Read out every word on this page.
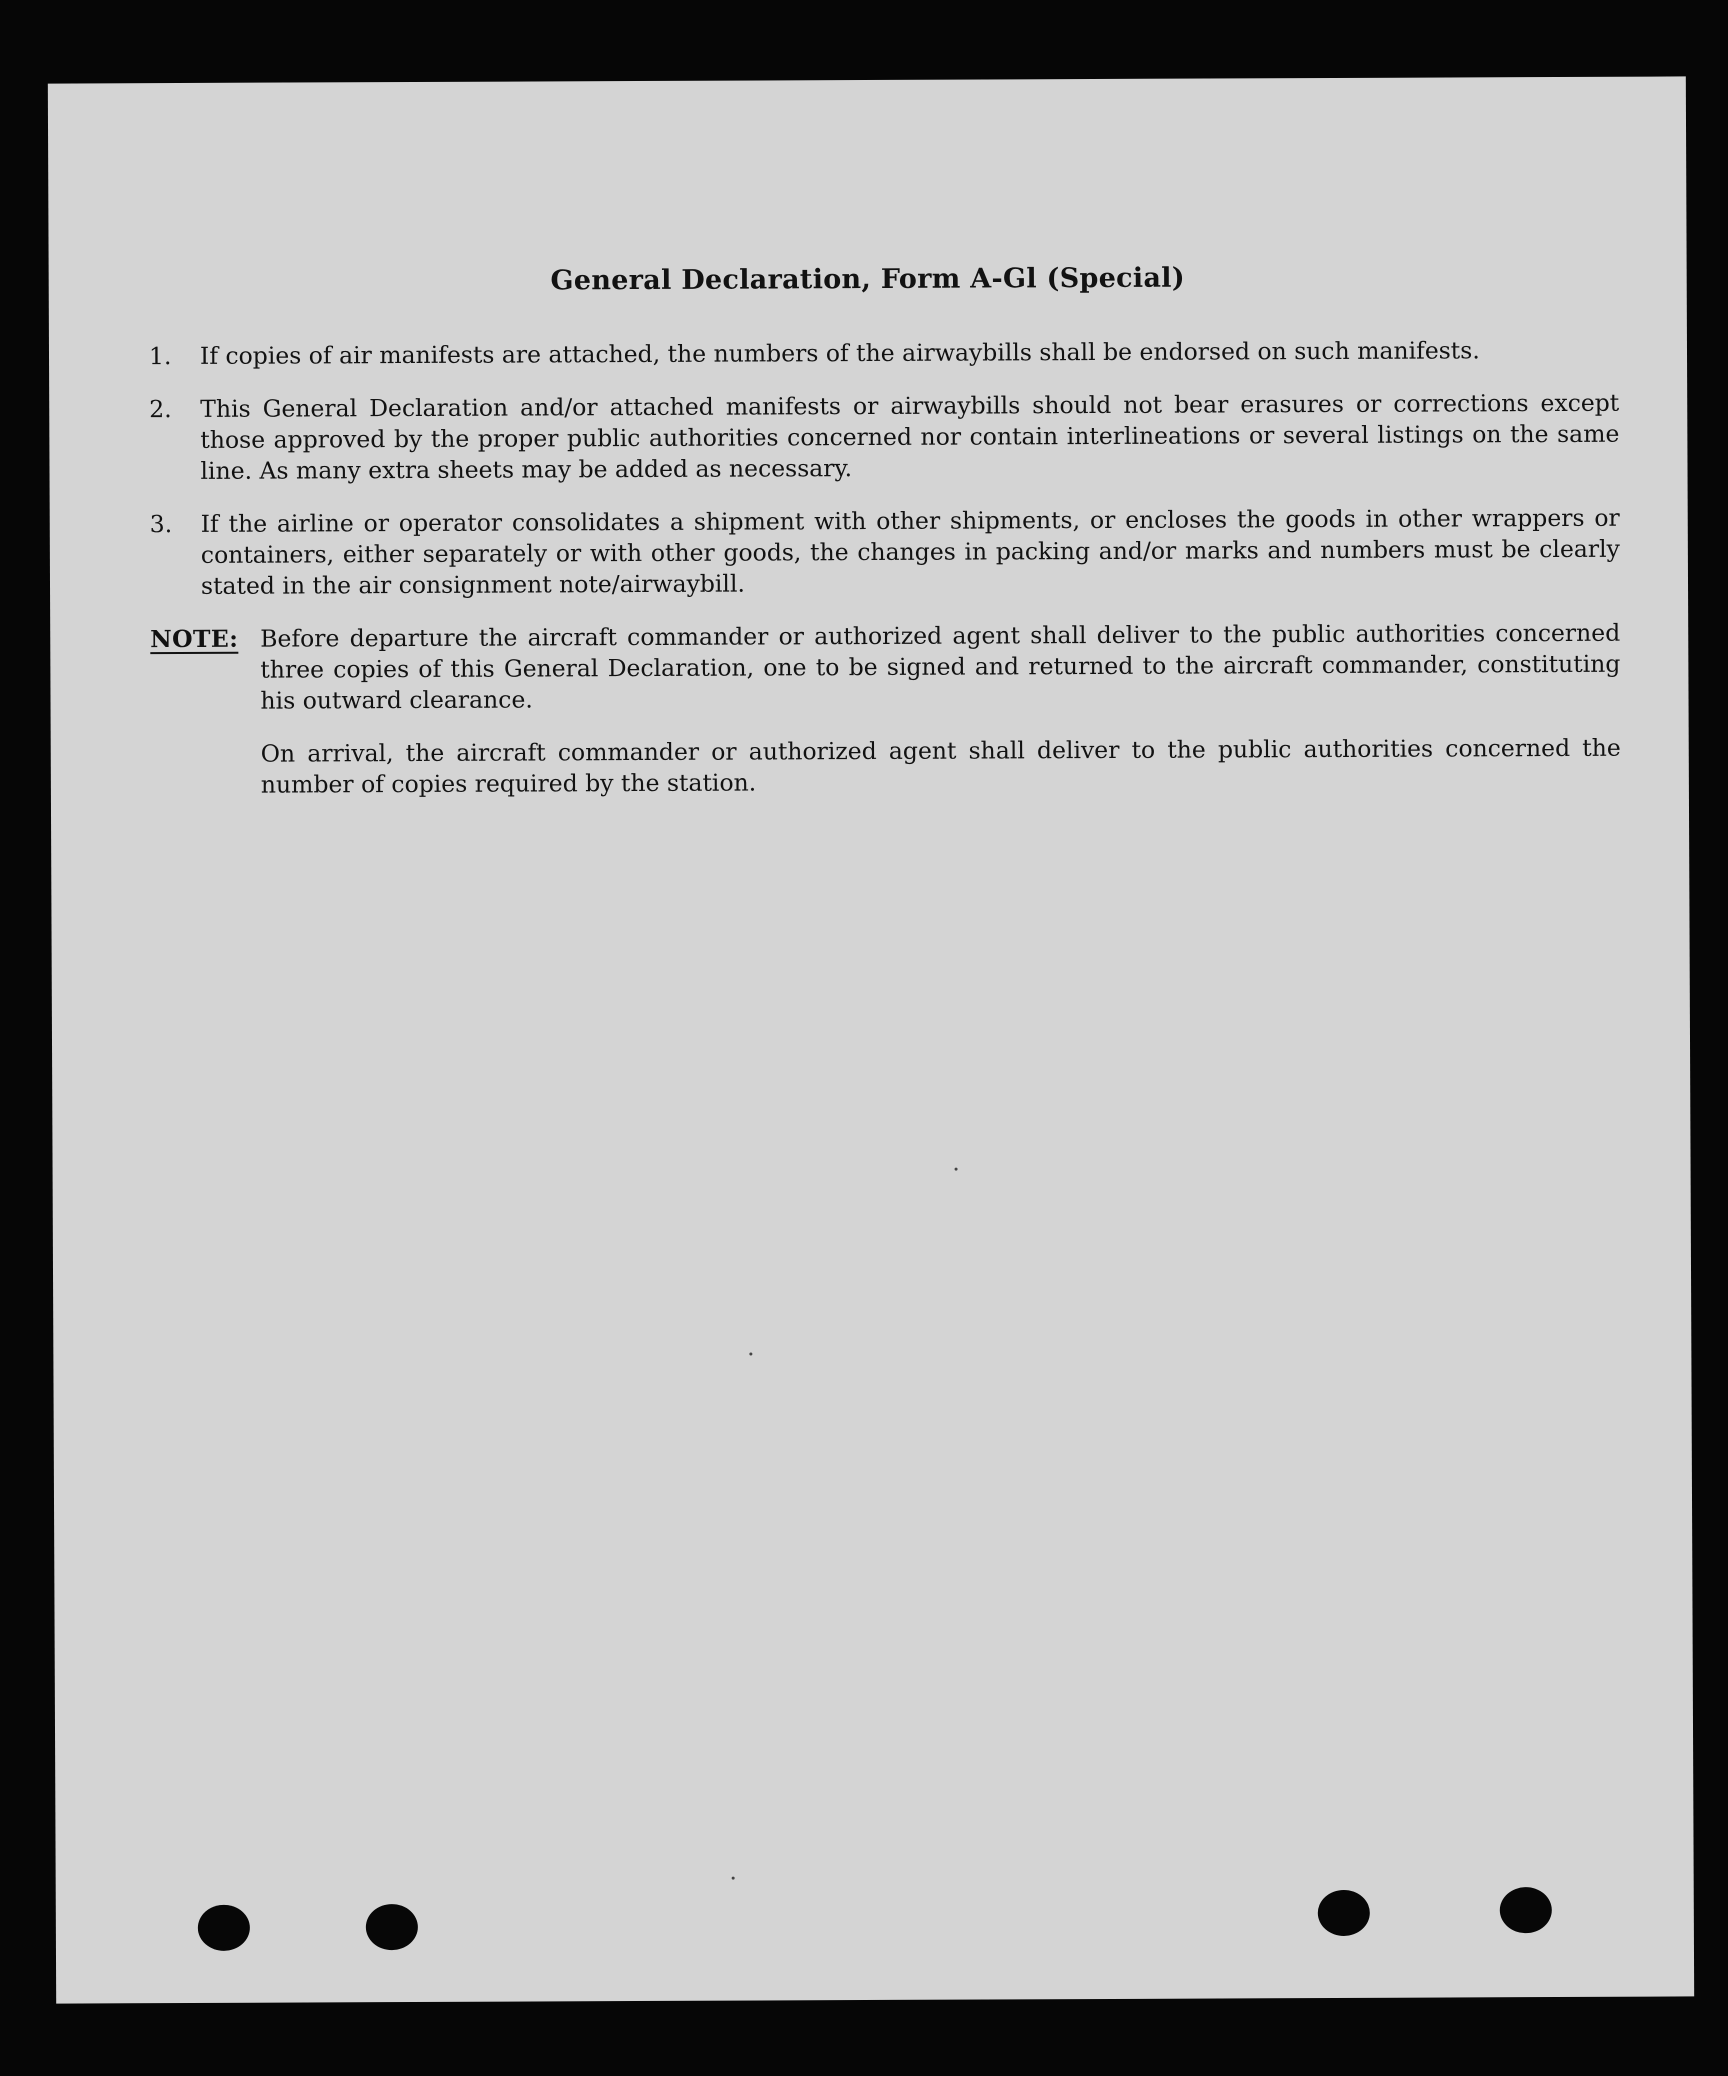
General Declaration, Form A-Gl (Special)
1.	If copies of air manifests are attached, the numbers of the airwaybills shall be endorsed on such manifests.
2.	This General Declaration and/or attached manifests or airwaybills should not bear erasures or corrections except those approved by the proper public authorities concerned nor contain interlineations or several listings on the same line. As many extra sheets may be added as necessary.
3.	If the airline or operator consolidates a shipment with other shipments, or encloses the goods in other wrappers or containers, either separately or with other goods, the changes in packing and/or marks and numbers must be clearly stated in the air consignment note/airwaybill.
NOTE: Before departure the aircraft commander or authorized agent shall deliver to the public authorities concerned three copies of this General Declaration, one to be signed and returned to the aircraft commander, constituting his outward clearance.

On arrival, the aircraft commander or authorized agent shall deliver to the public authorities concerned the number of copies required by the station.
